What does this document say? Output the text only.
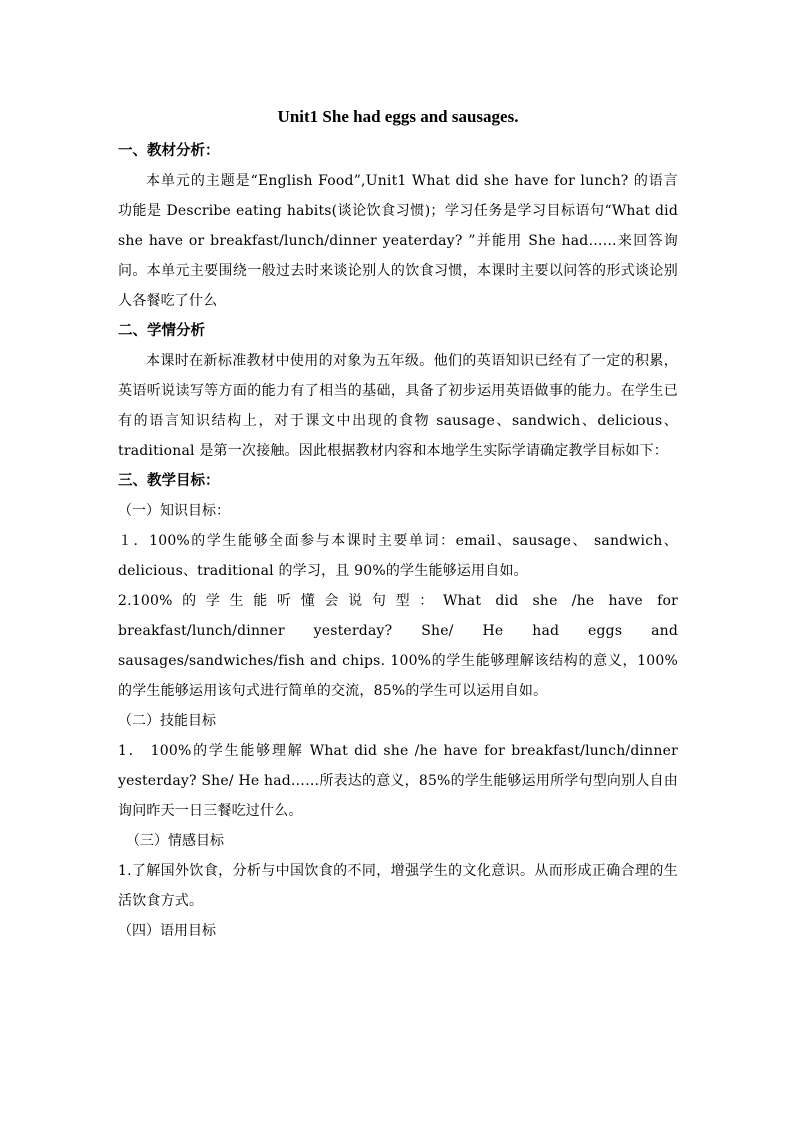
Unit1 She had eggs and sausages.
一、教材分析：

本单元的主题是“English Food”,Unit1 What did she have for lunch? 的语言功能是 Describe eating habits(谈论饮食习惯)；学习任务是学习目标语句“What did she have or breakfast/lunch/dinner yeaterday? ”并能用 She had……来回答询问。本单元主要围绕一般过去时来谈论别人的饮食习惯，本课时主要以问答的形式谈论别人各餐吃了什么

二、学情分析

本课时在新标准教材中使用的对象为五年级。他们的英语知识已经有了一定的积累，英语听说读写等方面的能力有了相当的基础，具备了初步运用英语做事的能力。在学生已有的语言知识结构上，对于课文中出现的食物 sausage、sandwich、delicious、traditional 是第一次接触。因此根据教材内容和本地学生实际学请确定教学目标如下：

三、教学目标：

（一）知识目标：

１．100%的学生能够全面参与本课时主要单词：email、sausage、 sandwich、delicious、traditional 的学习，且 90%的学生能够运用自如。

2.100%的学生能听懂会说句型：What did she /he have for breakfast/lunch/dinner yesterday? She/ He had eggs and sausages/sandwiches/fish and chips. 100%的学生能够理解该结构的意义，100%的学生能够运用该句式进行简单的交流，85%的学生可以运用自如。

（二）技能目标

1． 100%的学生能够理解 What did she /he have for breakfast/lunch/dinner yesterday? She/ He had……所表达的意义，85%的学生能够运用所学句型向别人自由询问昨天一日三餐吃过什么。

（三）情感目标

1.了解国外饮食，分析与中国饮食的不同，增强学生的文化意识。从而形成正确合理的生活饮食方式。

（四）语用目标
